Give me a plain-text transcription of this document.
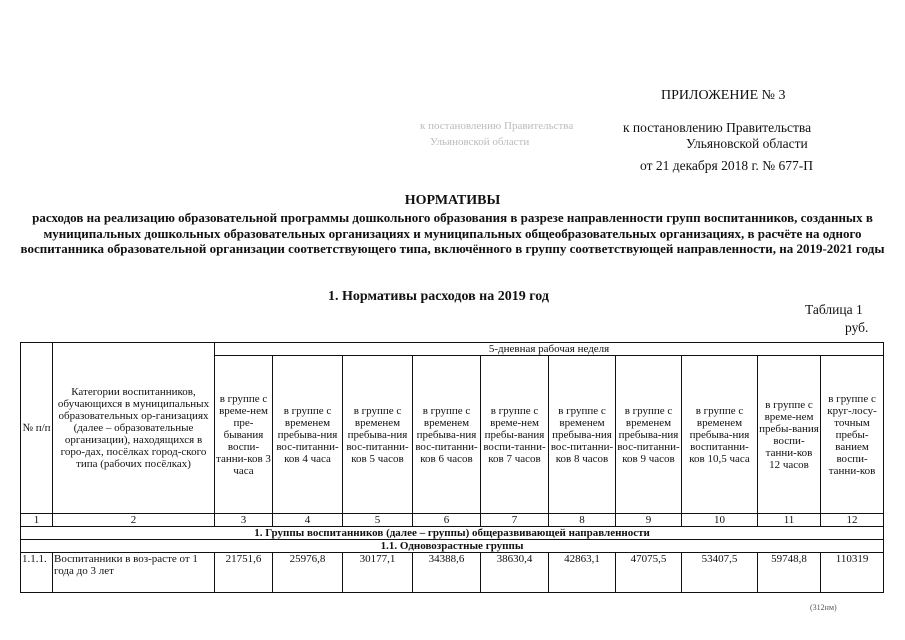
ПРИЛОЖЕНИЕ № 3
к постановлению Правительства
Ульяновской области
к постановлению Правительства
Ульяновской области
от 21 декабря 2018 г. № 677-П
НОРМАТИВЫ
расходов на реализацию образовательной программы дошкольного образования в разрезе направленности групп воспитанников, созданных в муниципальных дошкольных образовательных организациях и муниципальных общеобразовательных организациях, в расчёте на одного воспитанника образовательной организации соответствующего типа, включённого в группу соответствующей направленности, на 2019-2021 годы
1. Нормативы расходов на 2019 год
Таблица 1
руб.
№ п/п	Категории воспитанников, обучающихся в муниципальных образовательных ор-ганизациях (далее – образовательные организации), находящихся в горо-дах, посёлках город-ского типа (рабочих посёлках)	5-дневная рабочая неделя									
		в группе с време-нем пре-бывания воспи-танни-ков 3 часа	в группе с временем пребыва-ния вос-питанни-ков 4 часа	в группе с временем пребыва-ния вос-питанни-ков 5 часов	в группе с временем пребыва-ния вос-питанни-ков 6 часов	в группе с време-нем пребы-вания воспи-танни-ков 7 часов	в группе с временем пребыва-ния вос-питанни-ков 8 часов	в группе с временем пребыва-ния вос-питанни-ков 9 часов	в группе с временем пребыва-ния воспитанни-ков 10,5 часа	в группе с време-нем пребы-вания воспи-танни-ков 12 часов	в группе с круг-лосу-точным пребы-ванием воспи-танни-ков
1	2	3	4	5	6	7	8	9	10	11	12
1. Группы воспитанников (далее – группы) общеразвивающей направленности											
1.1. Одновозрастные группы											
1.1.1.	Воспитанники в воз-расте от 1 года до 3 лет	21751,6	25976,8	30177,1	34388,6	38630,4	42863,1	47075,5	53407,5	59748,8	110319
(312нм)
